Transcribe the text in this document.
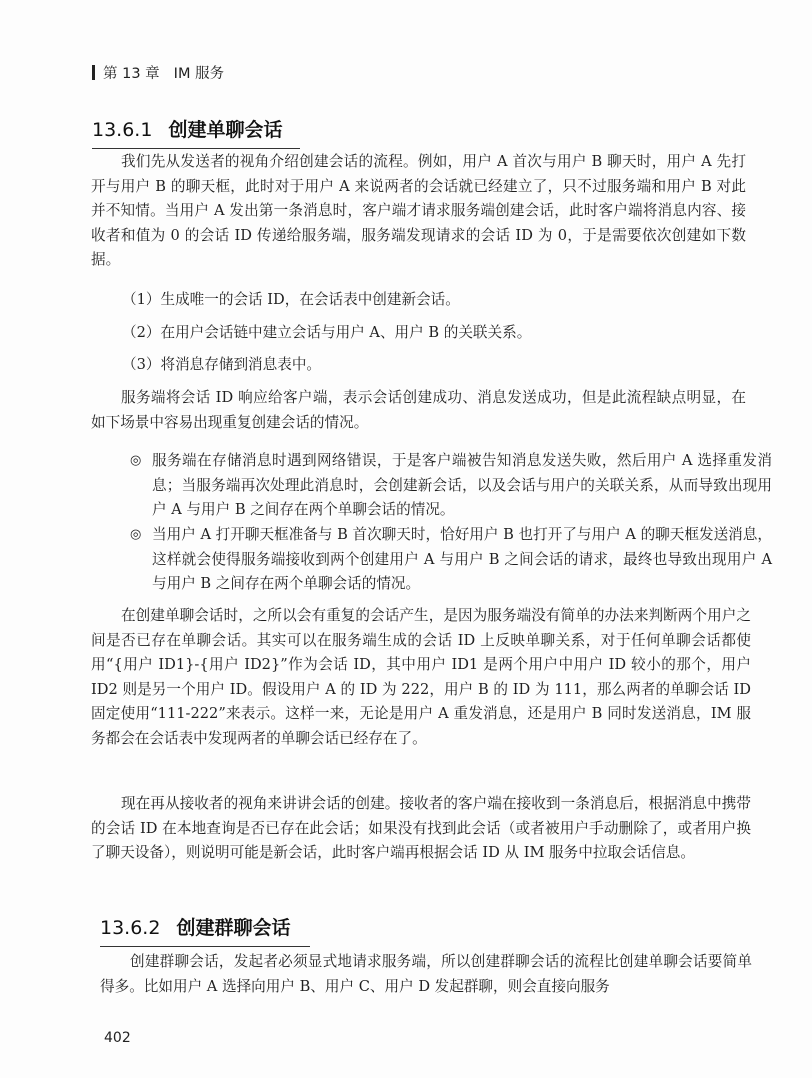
第 13 章 IM 服务
13.6.1 创建单聊会话

我们先从发送者的视角介绍创建会话的流程。例如，用户 A 首次与用户 B 聊天时，用户 A 先打开与用户 B 的聊天框，此时对于用户 A 来说两者的会话就已经建立了，只不过服务端和用户 B 对此并不知情。当用户 A 发出第一条消息时，客户端才请求服务端创建会话，此时客户端将消息内容、接收者和值为 0 的会话 ID 传递给服务端，服务端发现请求的会话 ID 为 0，于是需要依次创建如下数据。

（1）生成唯一的会话 ID，在会话表中创建新会话。

（2）在用户会话链中建立会话与用户 A、用户 B 的关联关系。

（3）将消息存储到消息表中。

服务端将会话 ID 响应给客户端，表示会话创建成功、消息发送成功，但是此流程缺点明显，在如下场景中容易出现重复创建会话的情况。

◎ 服务端在存储消息时遇到网络错误，于是客户端被告知消息发送失败，然后用户 A 选择重发消息；当服务端再次处理此消息时，会创建新会话，以及会话与用户的关联关系，从而导致出现用户 A 与用户 B 之间存在两个单聊会话的情况。
◎ 当用户 A 打开聊天框准备与 B 首次聊天时，恰好用户 B 也打开了与用户 A 的聊天框发送消息，这样就会使得服务端接收到两个创建用户 A 与用户 B 之间会话的请求，最终也导致出现用户 A 与用户 B 之间存在两个单聊会话的情况。

在创建单聊会话时，之所以会有重复的会话产生，是因为服务端没有简单的办法来判断两个用户之间是否已存在单聊会话。其实可以在服务端生成的会话 ID 上反映单聊关系，对于任何单聊会话都使用“{用户 ID1}-{用户 ID2}”作为会话 ID，其中用户 ID1 是两个用户中用户 ID 较小的那个，用户 ID2 则是另一个用户 ID。假设用户 A 的 ID 为 222，用户 B 的 ID 为 111，那么两者的单聊会话 ID 固定使用“111-222”来表示。这样一来，无论是用户 A 重发消息，还是用户 B 同时发送消息，IM 服务都会在会话表中发现两者的单聊会话已经存在了。

现在再从接收者的视角来讲讲会话的创建。接收者的客户端在接收到一条消息后，根据消息中携带的会话 ID 在本地查询是否已存在此会话；如果没有找到此会话（或者被用户手动删除了，或者用户换了聊天设备），则说明可能是新会话，此时客户端再根据会话 ID 从 IM 服务中拉取会话信息。

13.6.2 创建群聊会话

创建群聊会话，发起者必须显式地请求服务端，所以创建群聊会话的流程比创建单聊会话要简单得多。比如用户 A 选择向用户 B、用户 C、用户 D 发起群聊，则会直接向服务

402
